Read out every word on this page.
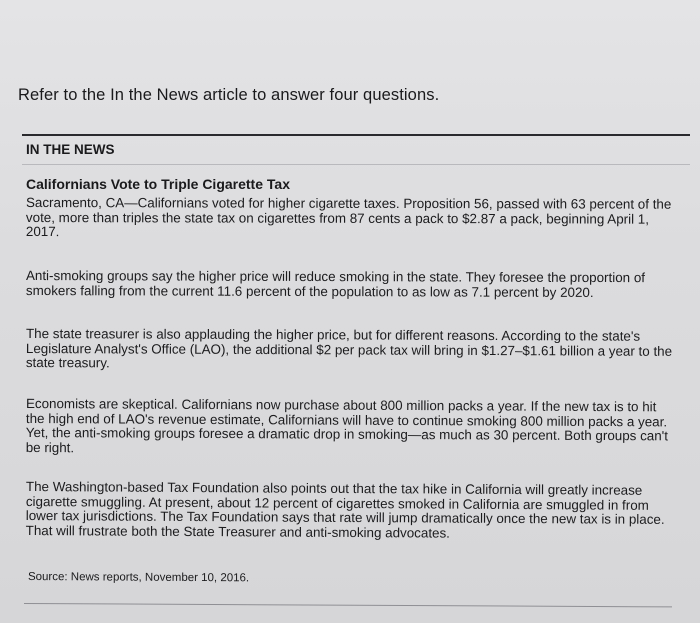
Refer to the In the News article to answer four questions.
IN THE NEWS
Californians Vote to Triple Cigarette Tax
Sacramento, CA—Californians voted for higher cigarette taxes. Proposition 56, passed with 63 percent of the vote, more than triples the state tax on cigarettes from 87 cents a pack to $2.87 a pack, beginning April 1, 2017.
Anti-smoking groups say the higher price will reduce smoking in the state. They foresee the proportion of smokers falling from the current 11.6 percent of the population to as low as 7.1 percent by 2020.
The state treasurer is also applauding the higher price, but for different reasons. According to the state's Legislature Analyst's Office (LAO), the additional $2 per pack tax will bring in $1.27–$1.61 billion a year to the state treasury.
Economists are skeptical. Californians now purchase about 800 million packs a year. If the new tax is to hit the high end of LAO's revenue estimate, Californians will have to continue smoking 800 million packs a year. Yet, the anti-smoking groups foresee a dramatic drop in smoking—as much as 30 percent. Both groups can't be right.
The Washington-based Tax Foundation also points out that the tax hike in California will greatly increase cigarette smuggling. At present, about 12 percent of cigarettes smoked in California are smuggled in from lower tax jurisdictions. The Tax Foundation says that rate will jump dramatically once the new tax is in place. That will frustrate both the State Treasurer and anti-smoking advocates.
Source: News reports, November 10, 2016.
